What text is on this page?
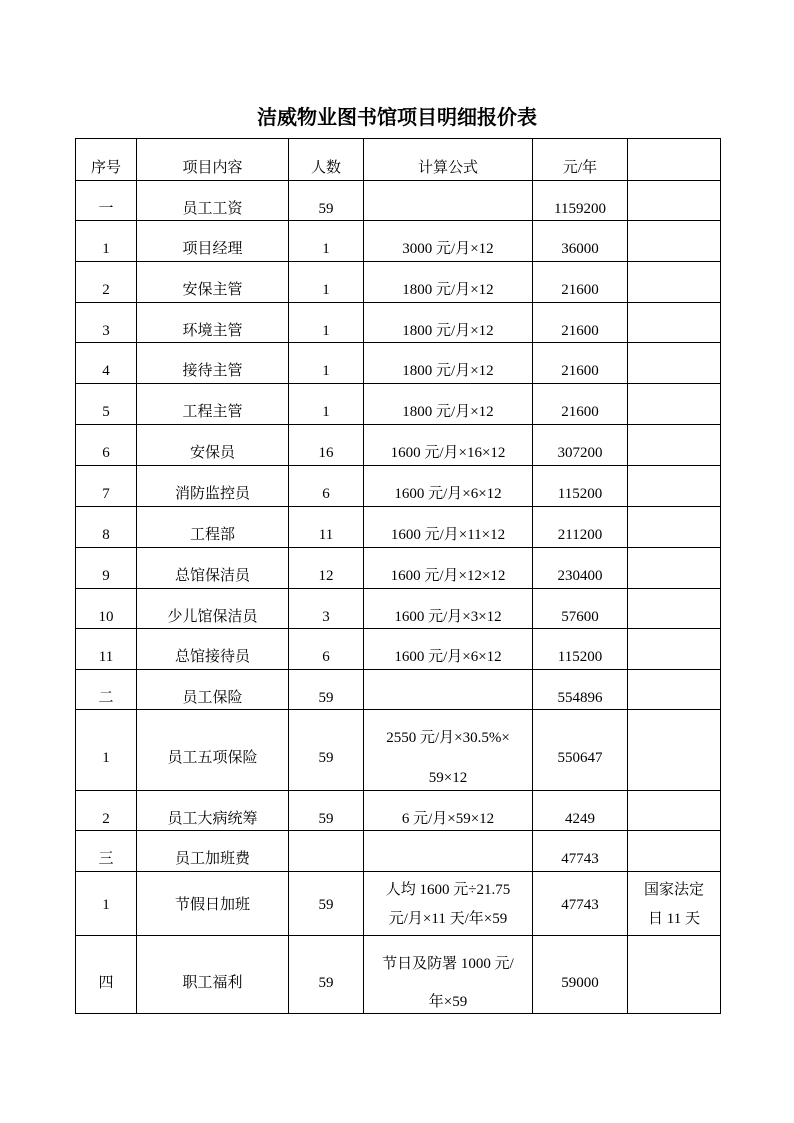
洁威物业图书馆项目明细报价表
序号	项目内容	人数	计算公式	元/年	

一	员工工资	59		1159200	

1	项目经理	1	3000 元/月×12	36000	

2	安保主管	1	1800 元/月×12	21600	

3	环境主管	1	1800 元/月×12	21600	

4	接待主管	1	1800 元/月×12	21600	

5	工程主管	1	1800 元/月×12	21600	

6	安保员	16	1600 元/月×16×12	307200	

7	消防监控员	6	1600 元/月×6×12	115200	

8	工程部	11	1600 元/月×11×12	211200	

9	总馆保洁员	12	1600 元/月×12×12	230400	

10	少儿馆保洁员	3	1600 元/月×3×12	57600	

11	总馆接待员	6	1600 元/月×6×12	115200	

二	员工保险	59		554896	

1	员工五项保险	59	2550 元/月×30.5%×
59×12	550647	

2	员工大病统筹	59	6 元/月×59×12	4249	

三	员工加班费			47743	

1	节假日加班	59	人均 1600 元÷21.75
元/月×11 天/年×59	47743	国家法定
日 11 天

四	职工福利	59	节日及防署 1000 元/
年×59	59000	
